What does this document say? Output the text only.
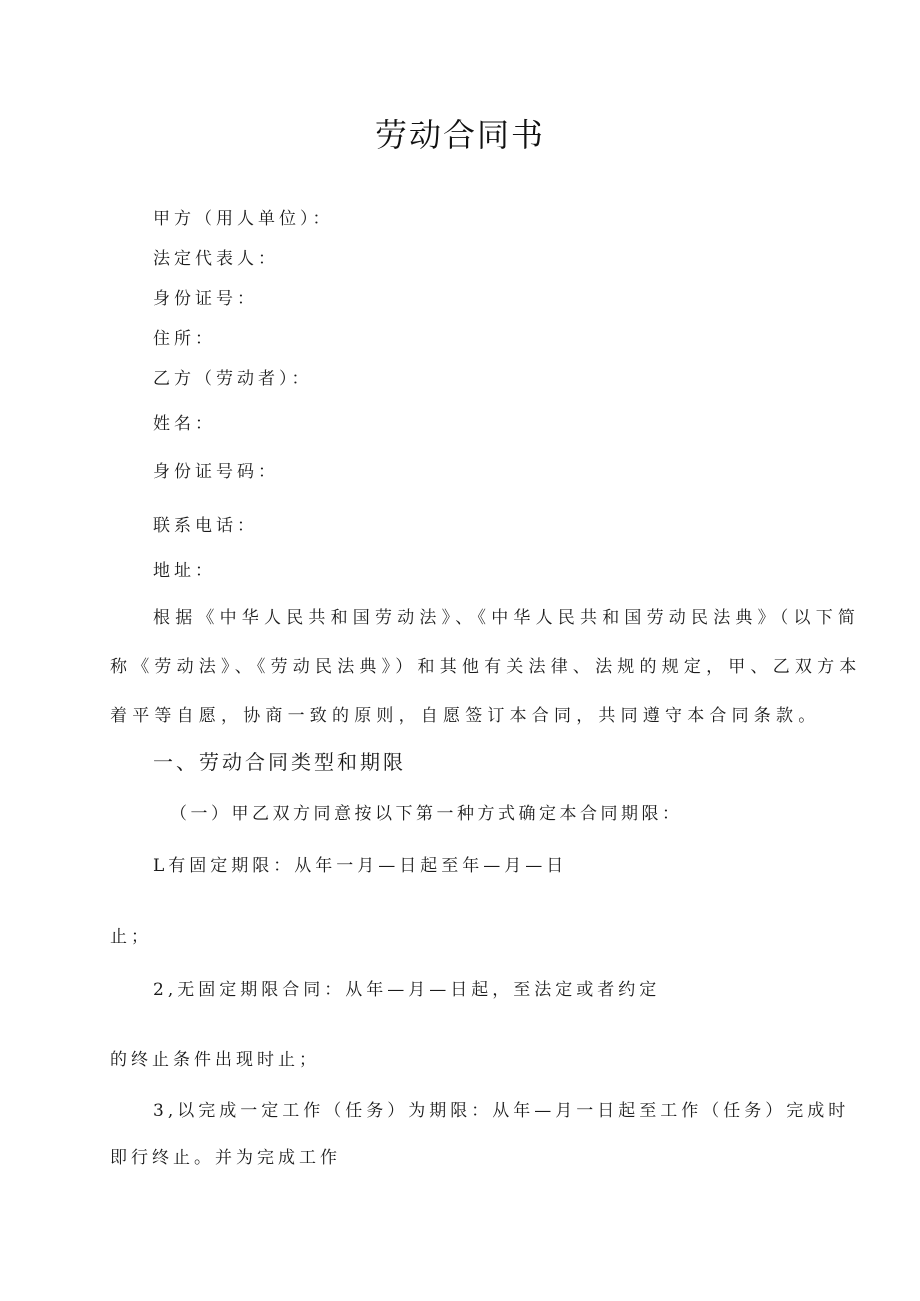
劳动合同书
甲方（用人单位）：
法定代表人：
身份证号：
住所：
乙方（劳动者）：
姓名：
身份证号码：
联系电话：
地址：
根据《中华人民共和国劳动法》、《中华人民共和国劳动民法典》（以下简
称《劳动法》、《劳动民法典》）和其他有关法律、法规的规定，甲、乙双方本
着平等自愿，协商一致的原则，自愿签订本合同，共同遵守本合同条款。
一、劳动合同类型和期限
（一）甲乙双方同意按以下第一种方式确定本合同期限：
L有固定期限：从年一月—日起至年—月—日
止；
2,无固定期限合同：从年—月—日起，至法定或者约定
的终止条件出现时止；
3,以完成一定工作（任务）为期限：从年—月一日起至工作（任务）完成时
即行终止。并为完成工作
